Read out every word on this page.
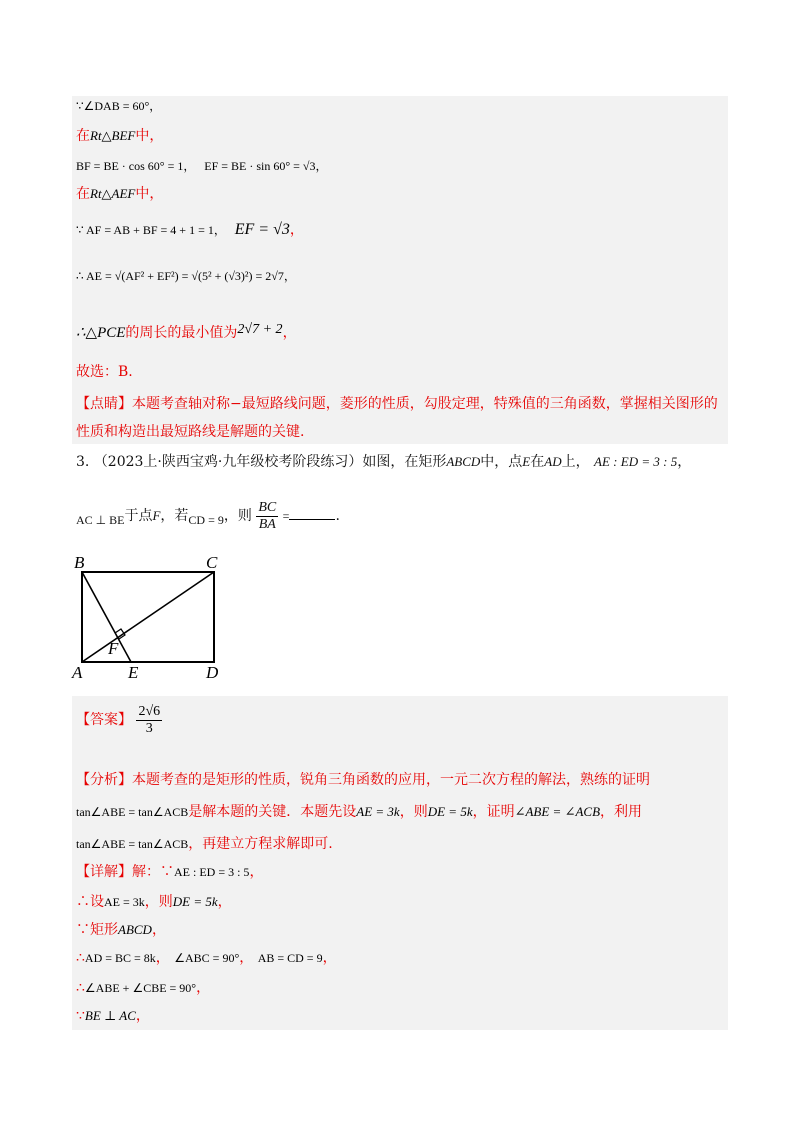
∵∠DAB = 60°，
在Rt△BEF中，
BF = BE · cos 60° = 1， EF = BE · sin 60° = √3，
在Rt△AEF中，
∵ AF = AB + BF = 4 + 1 = 1， EF = √3，
∴ AE = √(AF² + EF²) = √(5² + (√3)²) = 2√7，
∴△PCE的周长的最小值为2√7 + 2，
故选：B.
【点睛】本题考查轴对称−最短路线问题，菱形的性质，勾股定理，特殊值的三角函数，掌握相关图形的
性质和构造出最短路线是解题的关键.
3. （2023上·陕西宝鸡·九年级校考阶段练习）如图，在矩形ABCD中，点E在AD上， AE : ED = 3 : 5，
AC ⊥ BE于点F，若CD = 9，则 $\frac{BC}{BA}$ =	.
B	C
A	E	D
F
【答案】 $\frac{2√6}{3}$
【分析】本题考查的是矩形的性质，锐角三角函数的应用，一元二次方程的解法，熟练的证明
tan∠ABE = tan∠ACB是解本题的关键．本题先设AE = 3k，则DE = 5k，证明∠ABE = ∠ACB，利用
tan∠ABE = tan∠ACB，再建立方程求解即可.
【详解】解：∵AE : ED = 3 : 5，
∴设AE = 3k，则DE = 5k，
∵矩形ABCD，
∴AD = BC = 8k， ∠ABC = 90°， AB = CD = 9，
∴∠ABE + ∠CBE = 90°，
∵BE ⊥ AC，
